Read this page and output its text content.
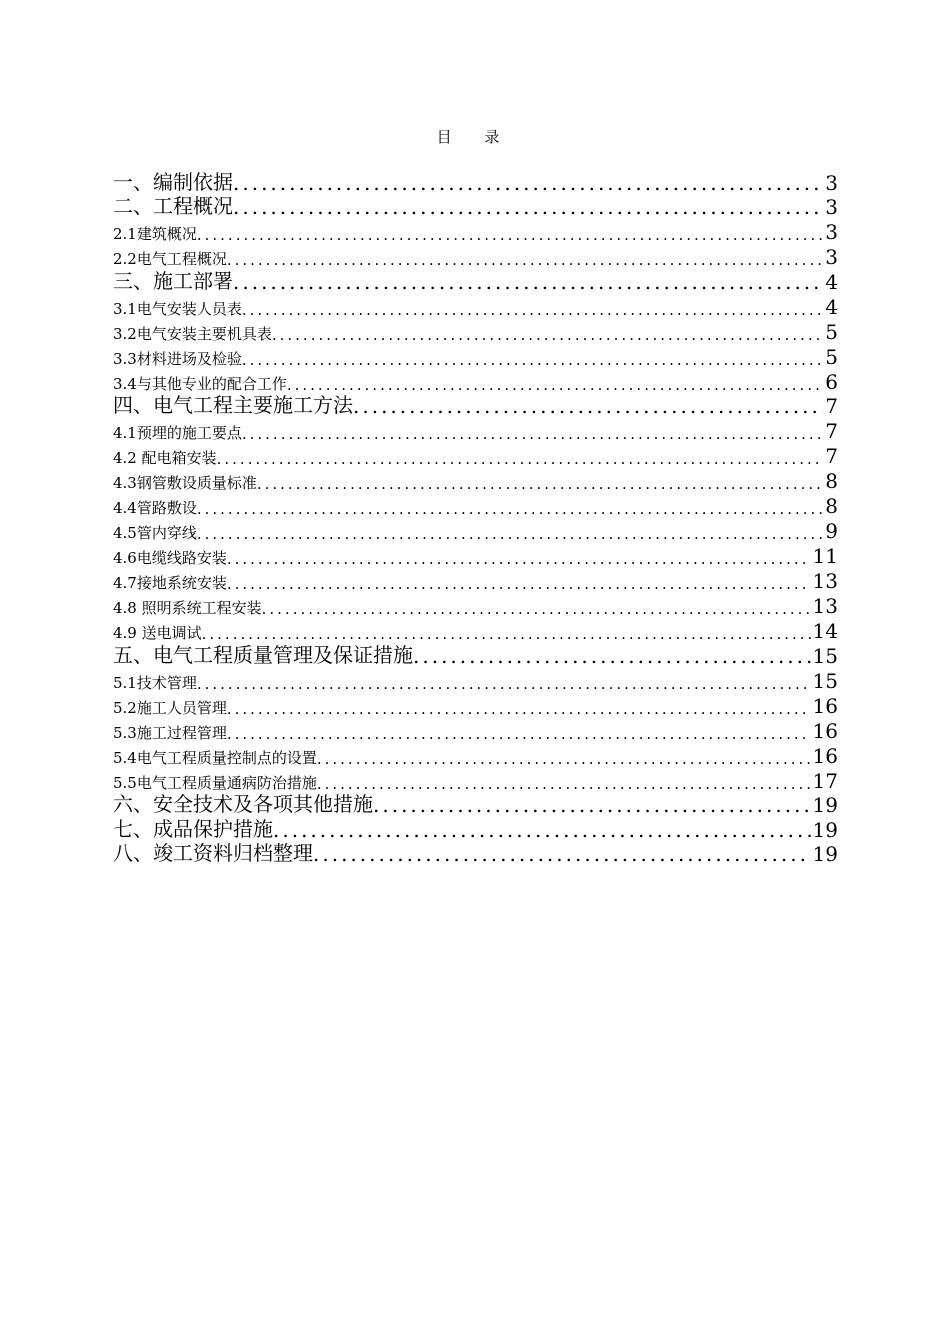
目 录
一、编制依据 .....	3
二、工程概况 .....	3
2.1建筑概况 .....	3
2.2电气工程概况 .....	3
三、施工部署 .....	4
3.1电气安装人员表 .....	4
3.2电气安装主要机具表 .....	5
3.3材料进场及检验 .....	5
3.4与其他专业的配合工作 .....	6
四、电气工程主要施工方法 .....	7
4.1预埋的施工要点 .....	7
4.2 配电箱安装 .....	7
4.3钢管敷设质量标准 .....	8
4.4管路敷设 .....	8
4.5管内穿线 .....	9
4.6电缆线路安装 .....	11
4.7接地系统安装 .....	13
4.8 照明系统工程安装 .....	13
4.9 送电调试 .....	14
五、电气工程质量管理及保证措施 .....	15
5.1技术管理 .....	15
5.2施工人员管理 .....	16
5.3施工过程管理 .....	16
5.4电气工程质量控制点的设置 .....	16
5.5电气工程质量通病防治措施 .....	17
六、安全技术及各项其他措施 .....	19
七、成品保护措施 .....	19
八、竣工资料归档整理 .....	19
